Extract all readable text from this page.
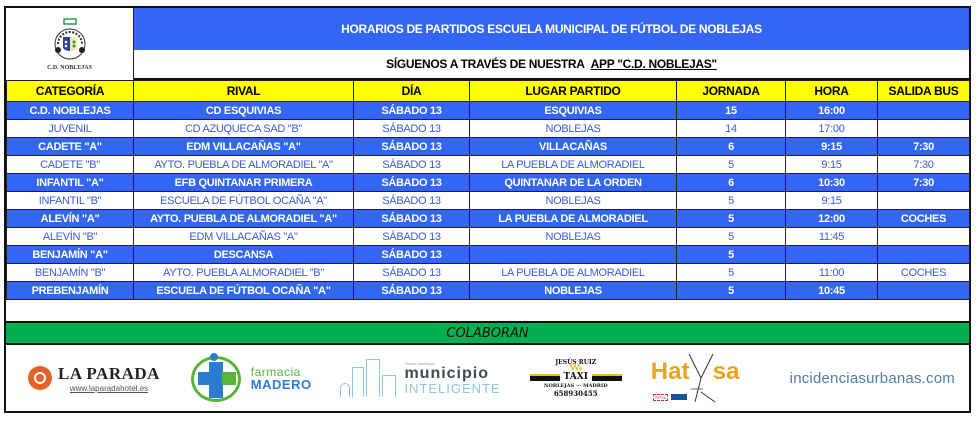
C.D. NOBLEJAS
HORARIOS DE PARTIDOS ESCUELA MUNICIPAL DE FÚTBOL DE NOBLEJAS
SÍGUENOS A TRAVÉS DE NUESTRA APP "C.D. NOBLEJAS"
CATEGORÍA	RIVAL	DÍA	LUGAR PARTIDO	JORNADA	HORA	SALIDA BUS
C.D. NOBLEJAS	CD ESQUIVIAS	SÁBADO 13	ESQUIVIAS	15	16:00	
JUVENIL	CD AZUQUECA SAD "B"	SÁBADO 13	NOBLEJAS	14	17:00	
CADETE "A"	EDM VILLACAÑAS "A"	SÁBADO 13	VILLACAÑAS	6	9:15	7:30
CADETE "B"	AYTO. PUEBLA DE ALMORADIEL "A"	SÁBADO 13	LA PUEBLA DE ALMORADIEL	5	9:15	7:30
INFANTIL "A"	EFB QUINTANAR PRIMERA	SÁBADO 13	QUINTANAR DE LA ORDEN	6	10:30	7:30
INFANTIL "B"	ESCUELA DE FÚTBOL OCAÑA "A"	SÁBADO 13	NOBLEJAS	5	9:15	
ALEVÍN "A"	AYTO. PUEBLA DE ALMORADIEL "A"	SÁBADO 13	LA PUEBLA DE ALMORADIEL	5	12:00	COCHES
ALEVÍN "B"	EDM VILLACAÑAS "A"	SÁBADO 13	NOBLEJAS	5	11:45	
BENJAMÍN "A"	DESCANSA	SÁBADO 13		5		
BENJAMÍN "B"	AYTO. PUEBLA ALMORADIEL "B"	SÁBADO 13	LA PUEBLA DE ALMORADIEL	5	11:00	COCHES
PREBENJAMÍN	ESCUELA DE FÚTBOL OCAÑA "A"	SÁBADO 13	NOBLEJAS	5	10:45	
COLABORAN
LA PARADA
www.laparadahotel.es
farmacia
MADERO
Tienda municipal
municipio
INTELIGENTE
JESÚS RUIZ
▚▚▚
TAXI
NOBLEJAS ··· MADRID
658930455
Hat sa
courier
TIPSA
incidenciasurbanas.com
